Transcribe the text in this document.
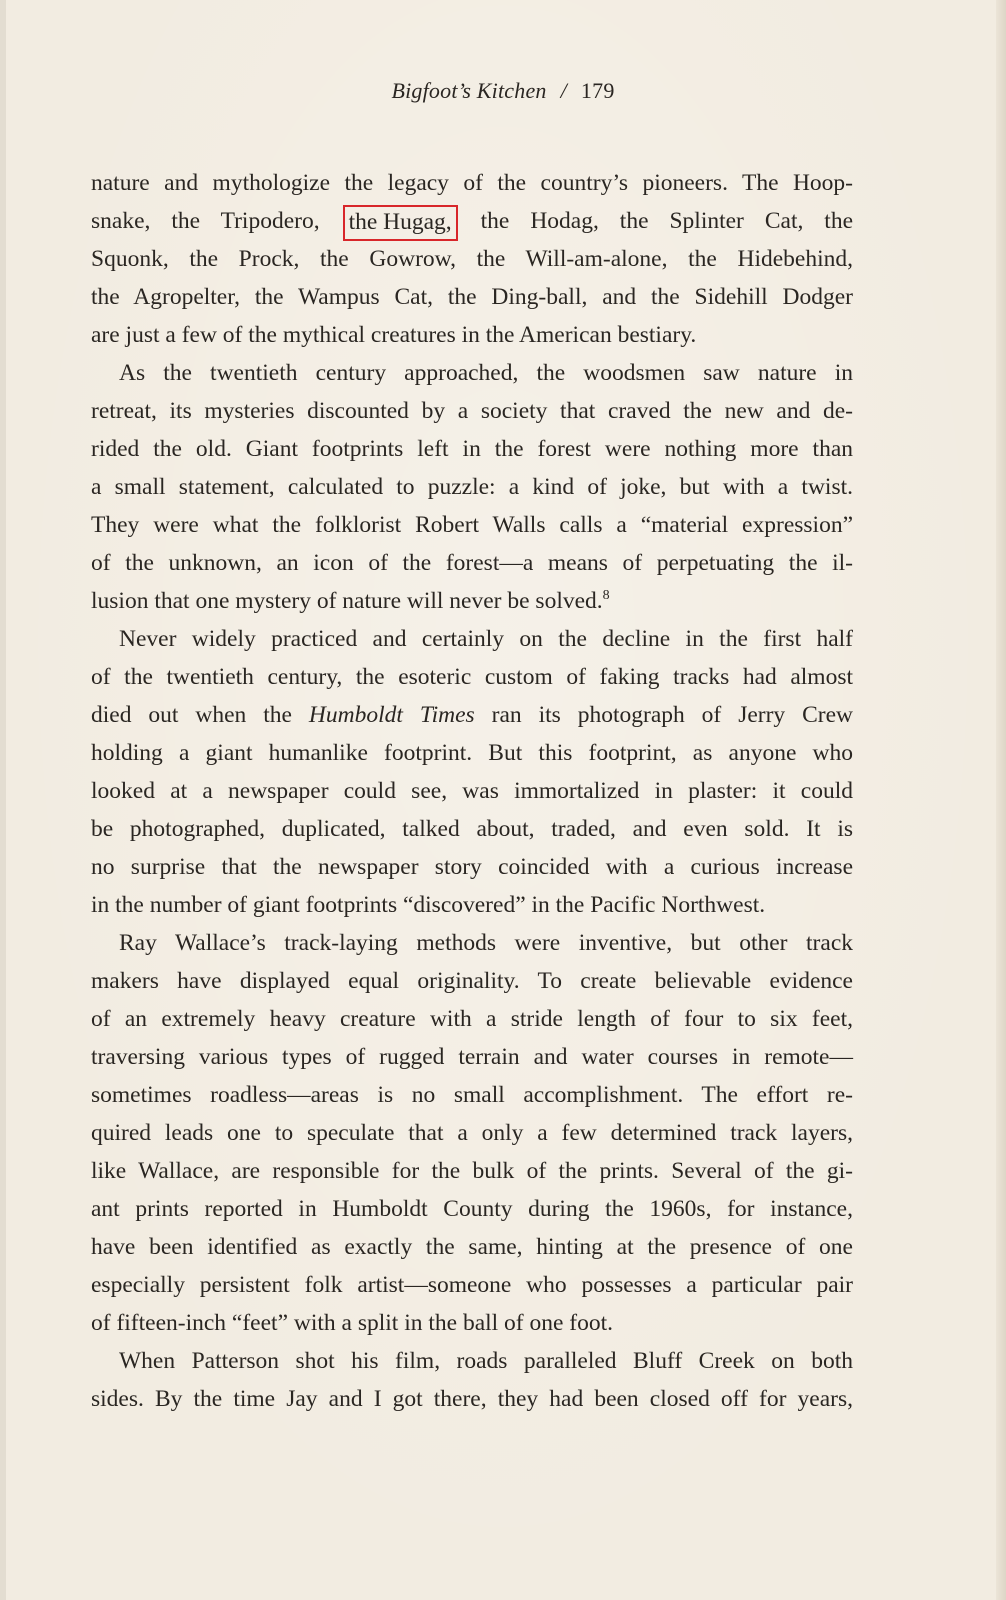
Bigfoot’s Kitchen / 179
nature and mythologize the legacy of the country’s pioneers. The Hoop-
snake, the Tripodero, the Hugag, the Hodag, the Splinter Cat, the
Squonk, the Prock, the Gowrow, the Will-am-alone, the Hidebehind,
the Agropelter, the Wampus Cat, the Ding-ball, and the Sidehill Dodger
are just a few of the mythical creatures in the American bestiary.
As the twentieth century approached, the woodsmen saw nature in
retreat, its mysteries discounted by a society that craved the new and de-
rided the old. Giant footprints left in the forest were nothing more than
a small statement, calculated to puzzle: a kind of joke, but with a twist.
They were what the folklorist Robert Walls calls a “material expression”
of the unknown, an icon of the forest—a means of perpetuating the il-
lusion that one mystery of nature will never be solved.$^8$
Never widely practiced and certainly on the decline in the first half
of the twentieth century, the esoteric custom of faking tracks had almost
died out when the Humboldt Times ran its photograph of Jerry Crew
holding a giant humanlike footprint. But this footprint, as anyone who
looked at a newspaper could see, was immortalized in plaster: it could
be photographed, duplicated, talked about, traded, and even sold. It is
no surprise that the newspaper story coincided with a curious increase
in the number of giant footprints “discovered” in the Pacific Northwest.
Ray Wallace’s track-laying methods were inventive, but other track
makers have displayed equal originality. To create believable evidence
of an extremely heavy creature with a stride length of four to six feet,
traversing various types of rugged terrain and water courses in remote—
sometimes roadless—areas is no small accomplishment. The effort re-
quired leads one to speculate that a only a few determined track layers,
like Wallace, are responsible for the bulk of the prints. Several of the gi-
ant prints reported in Humboldt County during the 1960s, for instance,
have been identified as exactly the same, hinting at the presence of one
especially persistent folk artist—someone who possesses a particular pair
of fifteen-inch “feet” with a split in the ball of one foot.
When Patterson shot his film, roads paralleled Bluff Creek on both
sides. By the time Jay and I got there, they had been closed off for years,
